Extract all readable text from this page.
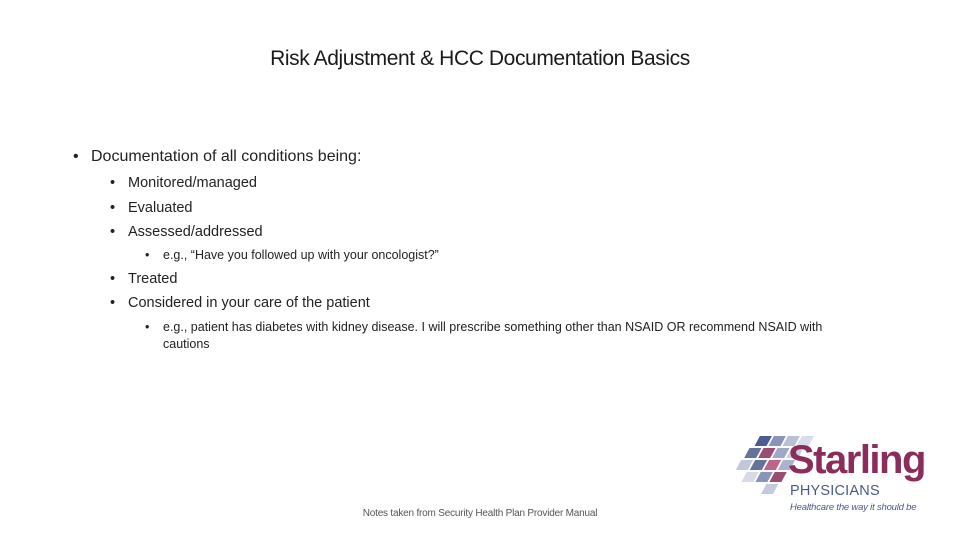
Risk Adjustment & HCC Documentation Basics
• Documentation of all conditions being:
• Monitored/managed
• Evaluated
• Assessed/addressed
• e.g., “Have you followed up with your oncologist?”
• Treated
• Considered in your care of the patient
• e.g., patient has diabetes with kidney disease. I will prescribe something other than NSAID OR recommend NSAID with cautions
Notes taken from Security Health Plan Provider Manual
Starling
PHYSICIANS
Healthcare the way it should be
